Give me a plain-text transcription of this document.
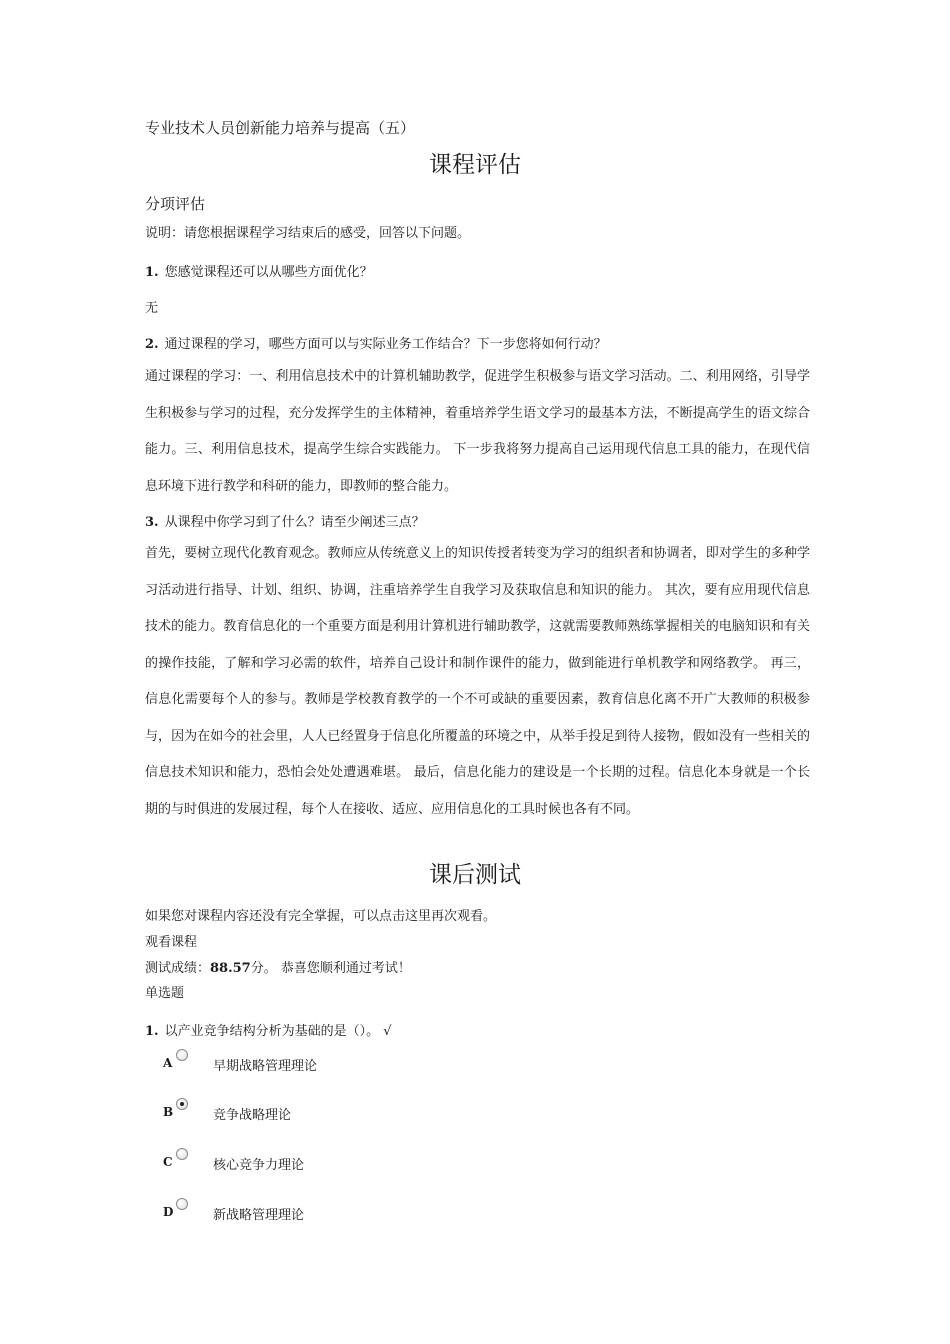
专业技术人员创新能力培养与提高（五）
课程评估
分项评估
说明：请您根据课程学习结束后的感受，回答以下问题。
1. 您感觉课程还可以从哪些方面优化？
无
2. 通过课程的学习，哪些方面可以与实际业务工作结合？下一步您将如何行动？
通过课程的学习：一、利用信息技术中的计算机辅助教学，促进学生积极参与语文学习活动。二、利用网络，引导学生积极参与学习的过程，充分发挥学生的主体精神，着重培养学生语文学习的最基本方法，不断提高学生的语文综合能力。三、利用信息技术，提高学生综合实践能力。 下一步我将努力提高自己运用现代信息工具的能力，在现代信息环境下进行教学和科研的能力，即教师的整合能力。
3. 从课程中你学习到了什么？请至少阐述三点？
首先，要树立现代化教育观念。教师应从传统意义上的知识传授者转变为学习的组织者和协调者，即对学生的多种学习活动进行指导、计划、组织、协调，注重培养学生自我学习及获取信息和知识的能力。 其次，要有应用现代信息技术的能力。教育信息化的一个重要方面是利用计算机进行辅助教学，这就需要教师熟练掌握相关的电脑知识和有关的操作技能，了解和学习必需的软件，培养自己设计和制作课件的能力，做到能进行单机教学和网络教学。 再三，信息化需要每个人的参与。教师是学校教育教学的一个不可或缺的重要因素，教育信息化离不开广大教师的积极参与，因为在如今的社会里，人人已经置身于信息化所覆盖的环境之中，从举手投足到待人接物，假如没有一些相关的信息技术知识和能力，恐怕会处处遭遇难堪。 最后，信息化能力的建设是一个长期的过程。信息化本身就是一个长期的与时俱进的发展过程，每个人在接收、适应、应用信息化的工具时候也各有不同。
课后测试
如果您对课程内容还没有完全掌握，可以点击这里再次观看。
观看课程
测试成绩：88.57分。 恭喜您顺利通过考试！
单选题
1. 以产业竞争结构分析为基础的是（）。 √
A	早期战略管理理论
B	竞争战略理论
C	核心竞争力理论
D	新战略管理理论
